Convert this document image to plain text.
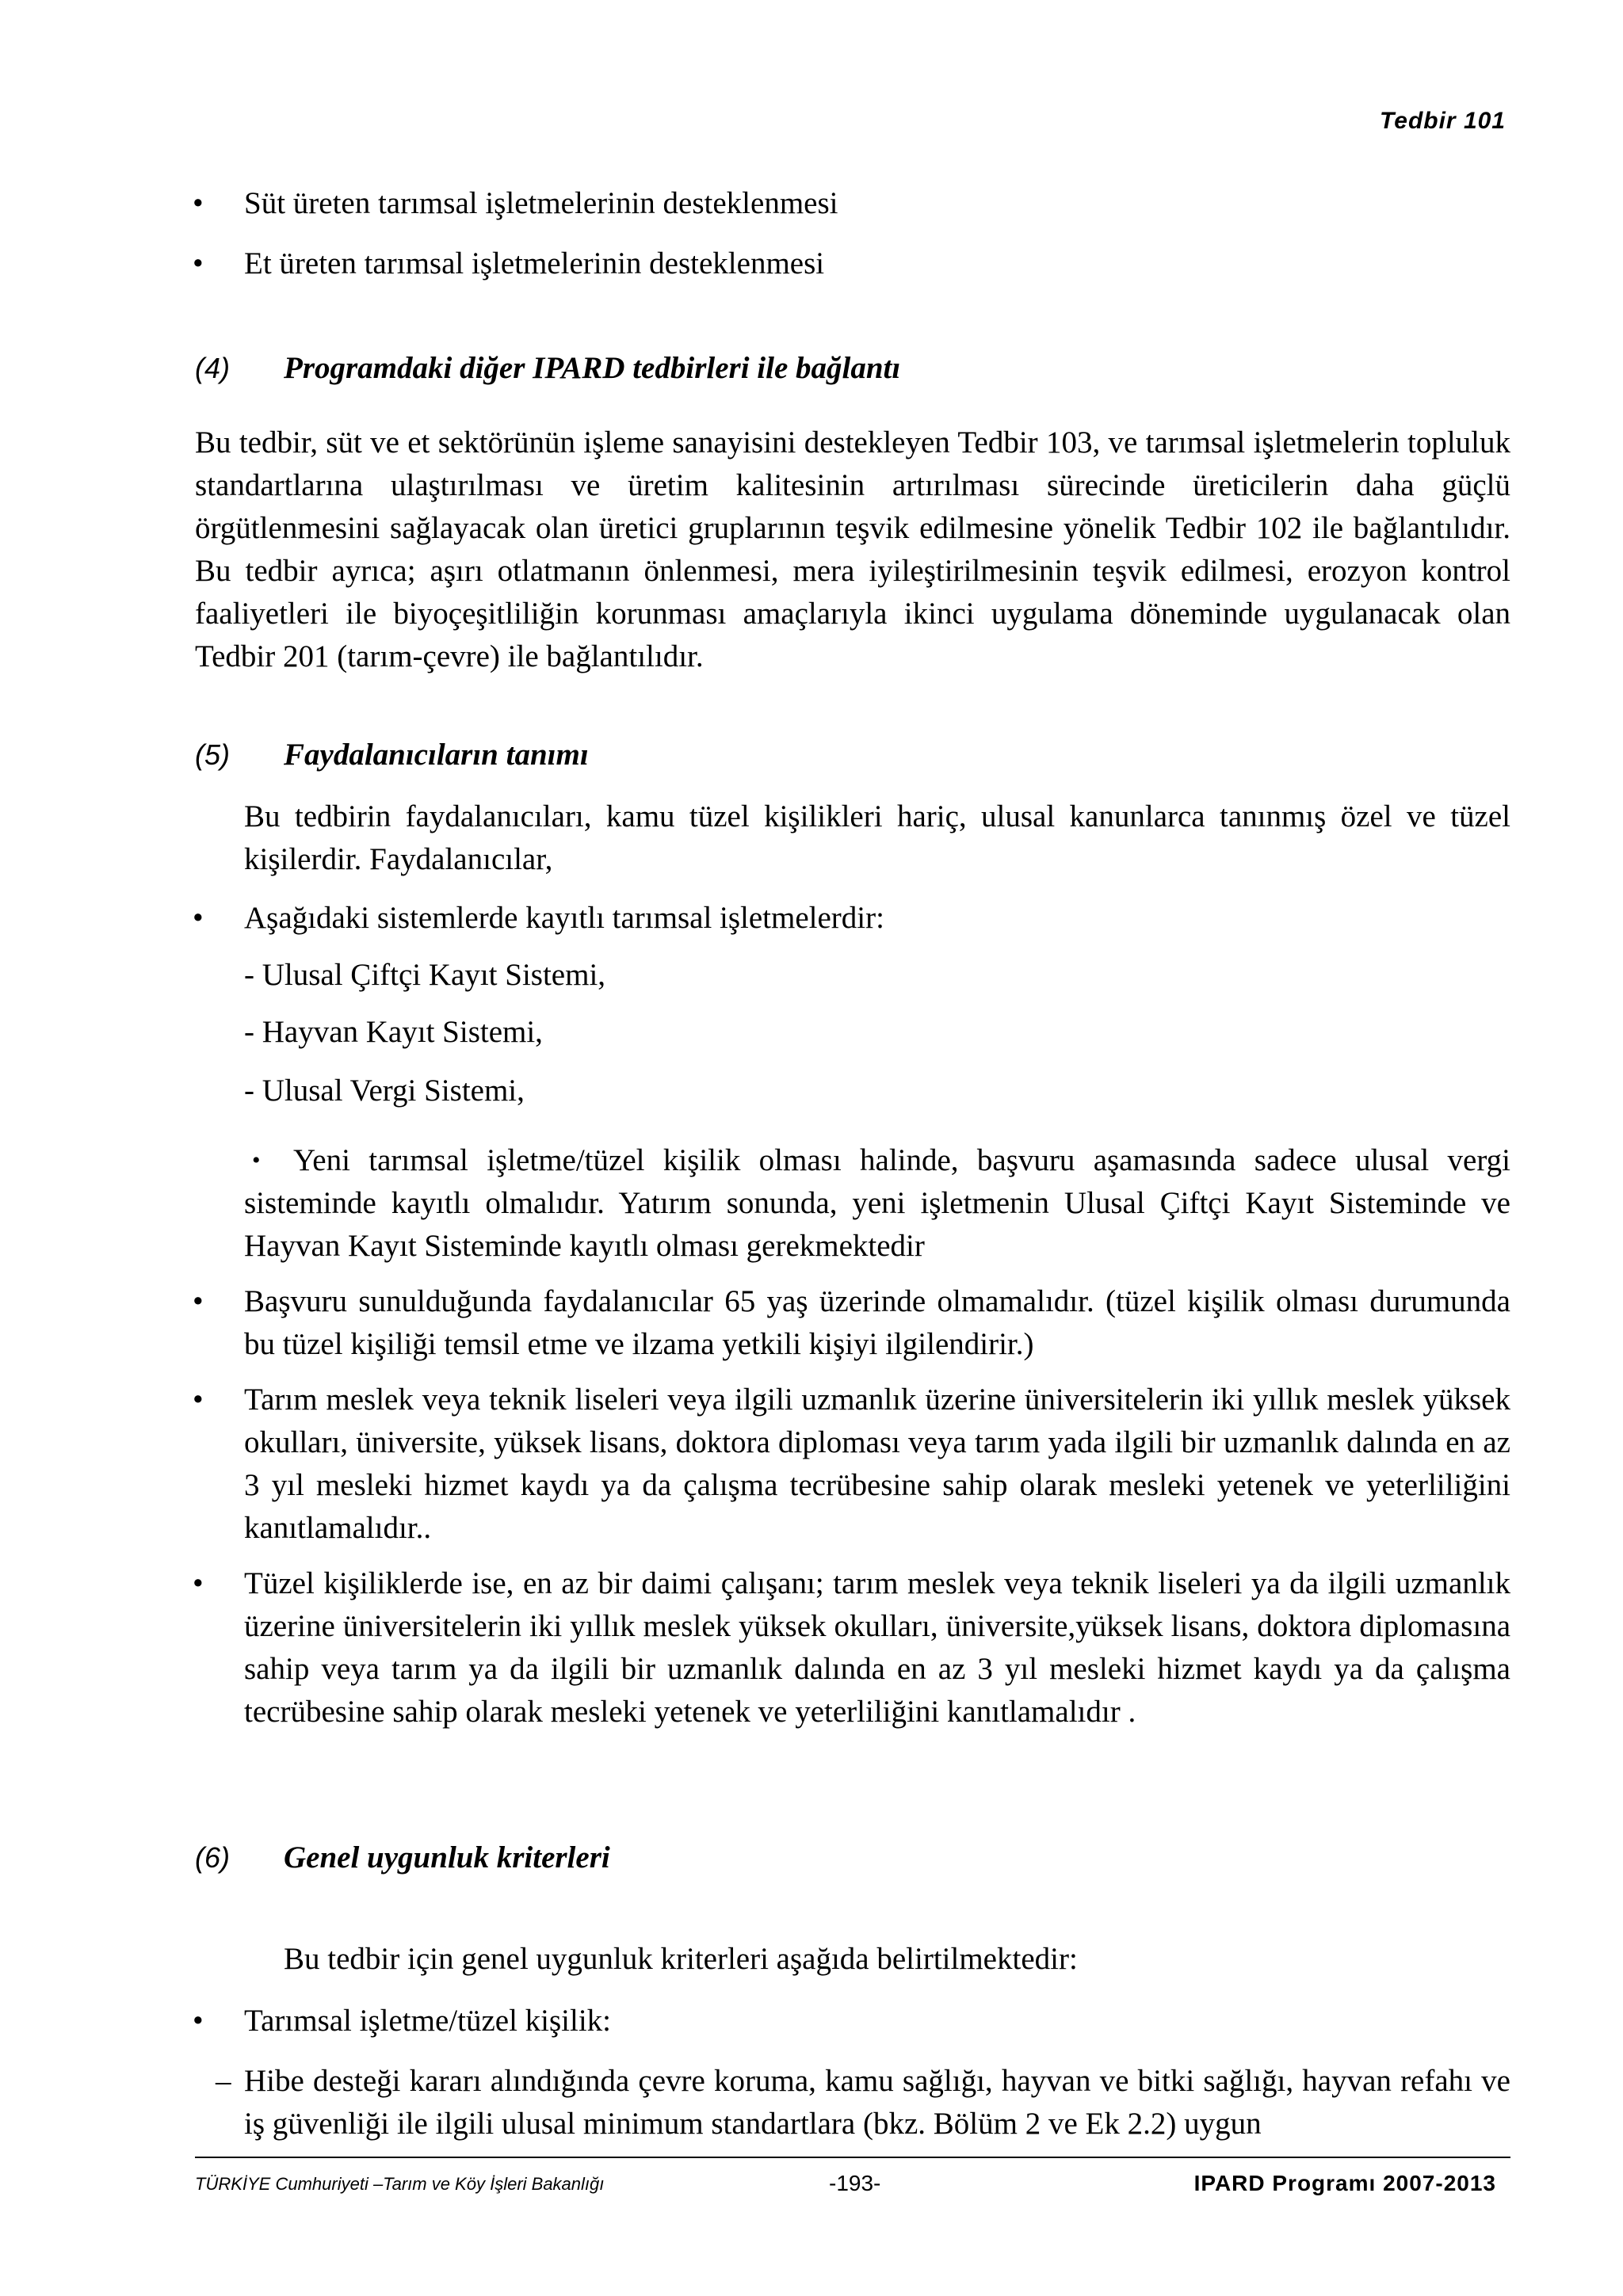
Tedbir 101
• Süt üreten tarımsal işletmelerinin desteklenmesi
• Et üreten tarımsal işletmelerinin desteklenmesi
(4) Programdaki diğer IPARD tedbirleri ile bağlantı
Bu tedbir, süt ve et sektörünün işleme sanayisini destekleyen Tedbir 103, ve tarımsal işletmelerin topluluk standartlarına ulaştırılması ve üretim kalitesinin artırılması sürecinde üreticilerin daha güçlü örgütlenmesini sağlayacak olan üretici gruplarının teşvik edilmesine yönelik Tedbir 102 ile bağlantılıdır. Bu tedbir ayrıca; aşırı otlatmanın önlenmesi, mera iyileştirilmesinin teşvik edilmesi, erozyon kontrol faaliyetleri ile biyoçeşitliliğin korunması amaçlarıyla ikinci uygulama döneminde uygulanacak olan Tedbir 201 (tarım-çevre) ile bağlantılıdır.
(5) Faydalanıcıların tanımı
Bu tedbirin faydalanıcıları, kamu tüzel kişilikleri hariç, ulusal kanunlarca tanınmış özel ve tüzel kişilerdir. Faydalanıcılar,
• Aşağıdaki sistemlerde kayıtlı tarımsal işletmelerdir:
- Ulusal Çiftçi Kayıt Sistemi,
- Hayvan Kayıt Sistemi,
- Ulusal Vergi Sistemi,
•	Yeni tarımsal işletme/tüzel kişilik olması halinde, başvuru aşamasında sadece ulusal vergi sisteminde kayıtlı olmalıdır. Yatırım sonunda, yeni işletmenin Ulusal Çiftçi Kayıt Sisteminde ve Hayvan Kayıt Sisteminde kayıtlı olması gerekmektedir
• Başvuru sunulduğunda faydalanıcılar 65 yaş üzerinde olmamalıdır. (tüzel kişilik olması durumunda bu tüzel kişiliği temsil etme ve ilzama yetkili kişiyi ilgilendirir.)
• Tarım meslek veya teknik liseleri veya ilgili uzmanlık üzerine üniversitelerin iki yıllık meslek yüksek okulları, üniversite, yüksek lisans, doktora diploması veya tarım yada ilgili bir uzmanlık dalında en az 3 yıl mesleki hizmet kaydı ya da çalışma tecrübesine sahip olarak mesleki yetenek ve yeterliliğini kanıtlamalıdır..
• Tüzel kişiliklerde ise, en az bir daimi çalışanı; tarım meslek veya teknik liseleri ya da ilgili uzmanlık üzerine üniversitelerin iki yıllık meslek yüksek okulları, üniversite,yüksek lisans, doktora diplomasına sahip veya tarım ya da ilgili bir uzmanlık dalında en az 3 yıl mesleki hizmet kaydı ya da çalışma tecrübesine sahip olarak mesleki yetenek ve yeterliliğini kanıtlamalıdır .
(6) Genel uygunluk kriterleri
Bu tedbir için genel uygunluk kriterleri aşağıda belirtilmektedir:
• Tarımsal işletme/tüzel kişilik:
– Hibe desteği kararı alındığında çevre koruma, kamu sağlığı, hayvan ve bitki sağlığı, hayvan refahı ve iş güvenliği ile ilgili ulusal minimum standartlara (bkz. Bölüm 2 ve Ek 2.2) uygun
TÜRKİYE Cumhuriyeti –Tarım ve Köy İşleri Bakanlığı	-193-	IPARD Programı 2007-2013
